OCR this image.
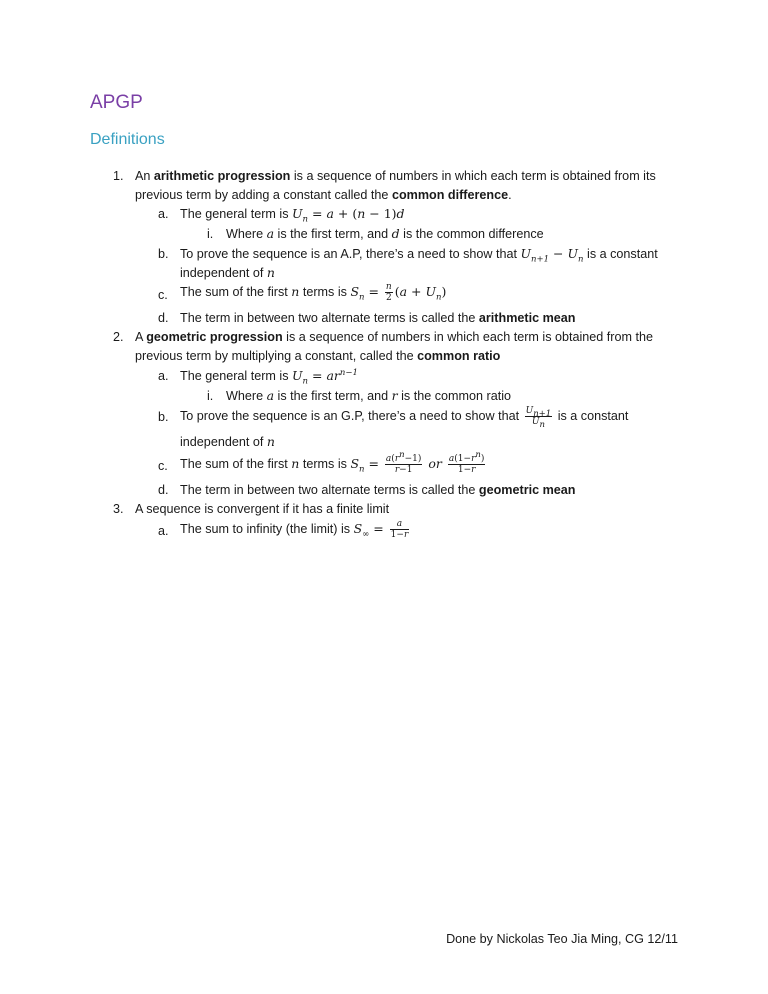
APGP
Definitions
1. An arithmetic progression is a sequence of numbers in which each term is obtained from its
previous term by adding a constant called the common difference.
a. The general term is $U_n = a + (n - 1)d$
i. Where a is the first term, and d is the common difference
b. To prove the sequence is an A.P, there’s a need to show that $U_{n+1} - U_n$ is a constant
independent of n
c. The sum of the first n terms is $S_n = \frac{n}{2} (a + U_n)$
d. The term in between two alternate terms is called the arithmetic mean
2. A geometric progression is a sequence of numbers in which each term is obtained from the
previous term by multiplying a constant, called the common ratio
a. The general term is $U_n = ar^{n-1}$
i. Where a is the first term, and r is the common ratio
b. To prove the sequence is an G.P, there’s a need to show that $\frac{U_{n+1}}{U_n}$ is a constant
independent of n
c. The sum of the first n terms is $S_n = \frac{a(r^n-1)}{r-1}$ or $\frac{a(1-r^n)}{1-r}$
d. The term in between two alternate terms is called the geometric mean
3. A sequence is convergent if it has a finite limit
a. The sum to infinity (the limit) is $S_\infty = \frac{a}{1-r}$
Done by Nickolas Teo Jia Ming, CG 12/11
